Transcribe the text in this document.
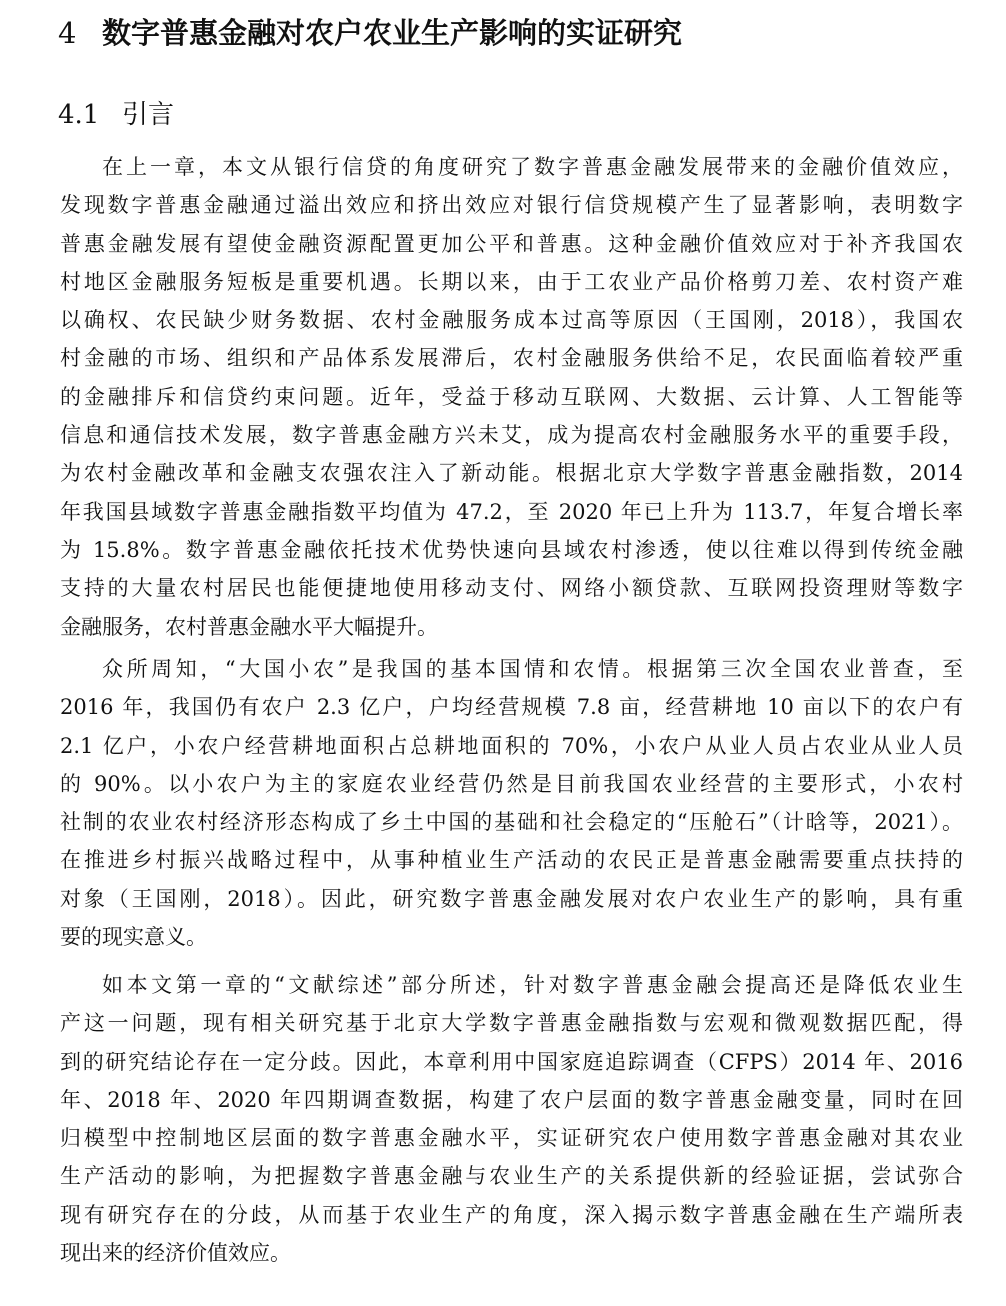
4 数字普惠金融对农户农业生产影响的实证研究
4.1 引言
在上一章，本文从银行信贷的角度研究了数字普惠金融发展带来的金融价值效应，
发现数字普惠金融通过溢出效应和挤出效应对银行信贷规模产生了显著影响，表明数字
普惠金融发展有望使金融资源配置更加公平和普惠。这种金融价值效应对于补齐我国农
村地区金融服务短板是重要机遇。长期以来，由于工农业产品价格剪刀差、农村资产难
以确权、农民缺少财务数据、农村金融服务成本过高等原因（王国刚，2018），我国农
村金融的市场、组织和产品体系发展滞后，农村金融服务供给不足，农民面临着较严重
的金融排斥和信贷约束问题。近年，受益于移动互联网、大数据、云计算、人工智能等
信息和通信技术发展，数字普惠金融方兴未艾，成为提高农村金融服务水平的重要手段，
为农村金融改革和金融支农强农注入了新动能。根据北京大学数字普惠金融指数，2014
年我国县域数字普惠金融指数平均值为 47.2，至 2020 年已上升为 113.7，年复合增长率
为 15.8%。数字普惠金融依托技术优势快速向县域农村渗透，使以往难以得到传统金融
支持的大量农村居民也能便捷地使用移动支付、网络小额贷款、互联网投资理财等数字
金融服务，农村普惠金融水平大幅提升。
众所周知，“大国小农”是我国的基本国情和农情。根据第三次全国农业普查，至
2016 年，我国仍有农户 2.3 亿户，户均经营规模 7.8 亩，经营耕地 10 亩以下的农户有
2.1 亿户，小农户经营耕地面积占总耕地面积的 70%，小农户从业人员占农业从业人员
的 90%。以小农户为主的家庭农业经营仍然是目前我国农业经营的主要形式，小农村
社制的农业农村经济形态构成了乡土中国的基础和社会稳定的“压舱石”（计晗等，2021）。
在推进乡村振兴战略过程中，从事种植业生产活动的农民正是普惠金融需要重点扶持的
对象（王国刚，2018）。因此，研究数字普惠金融发展对农户农业生产的影响，具有重
要的现实意义。
如本文第一章的“文献综述”部分所述，针对数字普惠金融会提高还是降低农业生
产这一问题，现有相关研究基于北京大学数字普惠金融指数与宏观和微观数据匹配，得
到的研究结论存在一定分歧。因此，本章利用中国家庭追踪调查（CFPS）2014 年、2016
年、2018 年、2020 年四期调查数据，构建了农户层面的数字普惠金融变量，同时在回
归模型中控制地区层面的数字普惠金融水平，实证研究农户使用数字普惠金融对其农业
生产活动的影响，为把握数字普惠金融与农业生产的关系提供新的经验证据，尝试弥合
现有研究存在的分歧，从而基于农业生产的角度，深入揭示数字普惠金融在生产端所表
现出来的经济价值效应。
